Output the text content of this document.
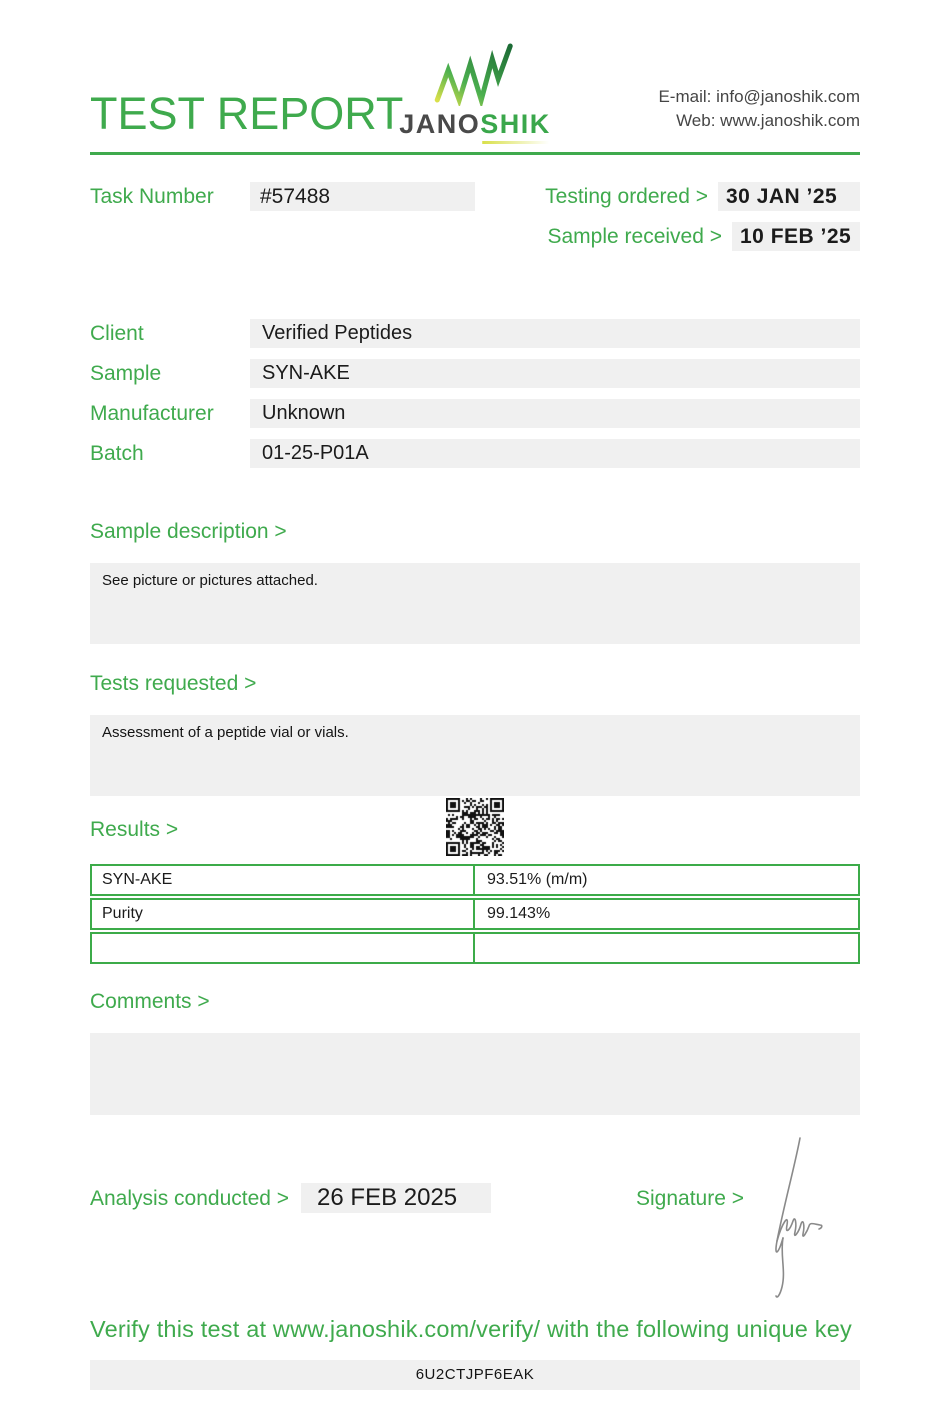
TEST REPORT
JANOSHIK
E-mail: info@janoshik.com
Web: www.janoshik.com
Task Number	#57488	Testing ordered > 30 JAN ’25
Sample received > 10 FEB ’25
Client	Verified Peptides
Sample	SYN-AKE
Manufacturer	Unknown
Batch	01-25-P01A
Sample description >
See picture or pictures attached.
Tests requested >
Assessment of a peptide vial or vials.
Results >
SYN-AKE	93.51% (m/m)
Purity	99.143%
Comments >
Analysis conducted >	26 FEB 2025	Signature >
Verify this test at www.janoshik.com/verify/ with the following unique key
6U2CTJPF6EAK
